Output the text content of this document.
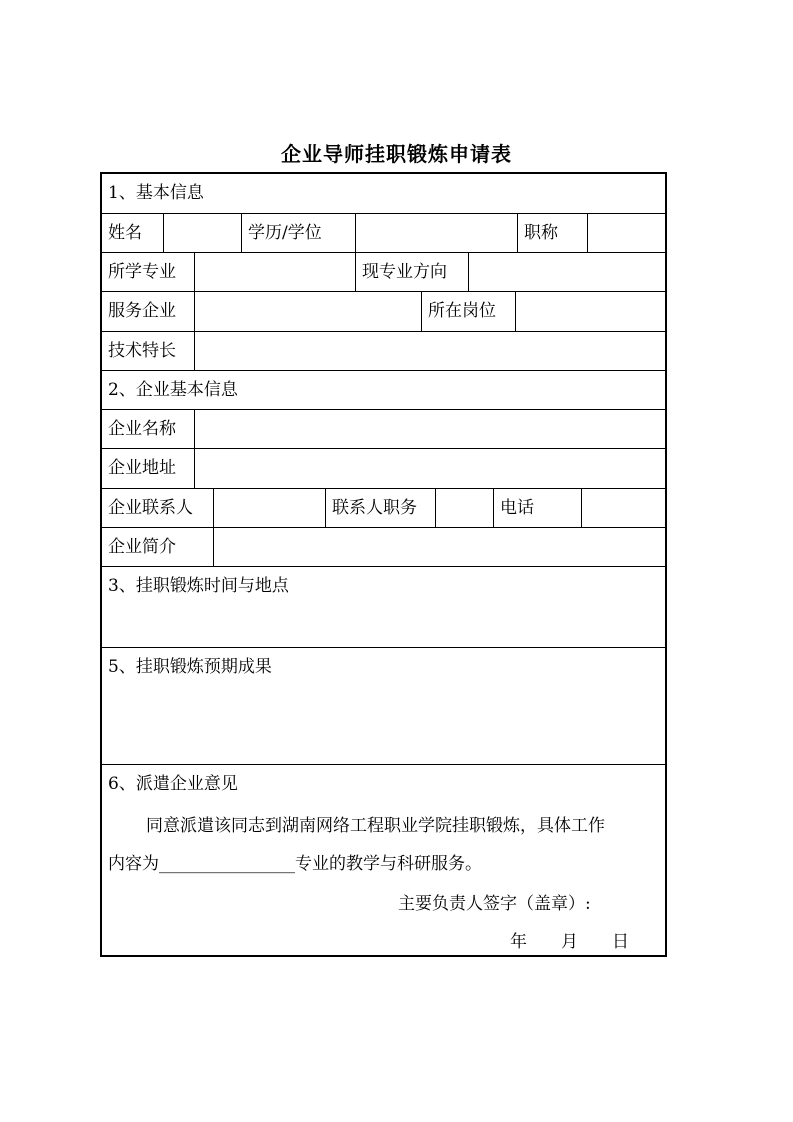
企业导师挂职锻炼申请表
1、基本信息
姓名	学历/学位	职称
所学专业	现专业方向
服务企业	所在岗位
技术特长
2、企业基本信息
企业名称
企业地址
企业联系人	联系人职务	电话
企业简介
3、挂职锻炼时间与地点
5、挂职锻炼预期成果
6、派遣企业意见
同意派遣该同志到湖南网络工程职业学院挂职锻炼，具体工作
内容为________________专业的教学与科研服务。
主要负责人签字（盖章）:
年　　月　　日
